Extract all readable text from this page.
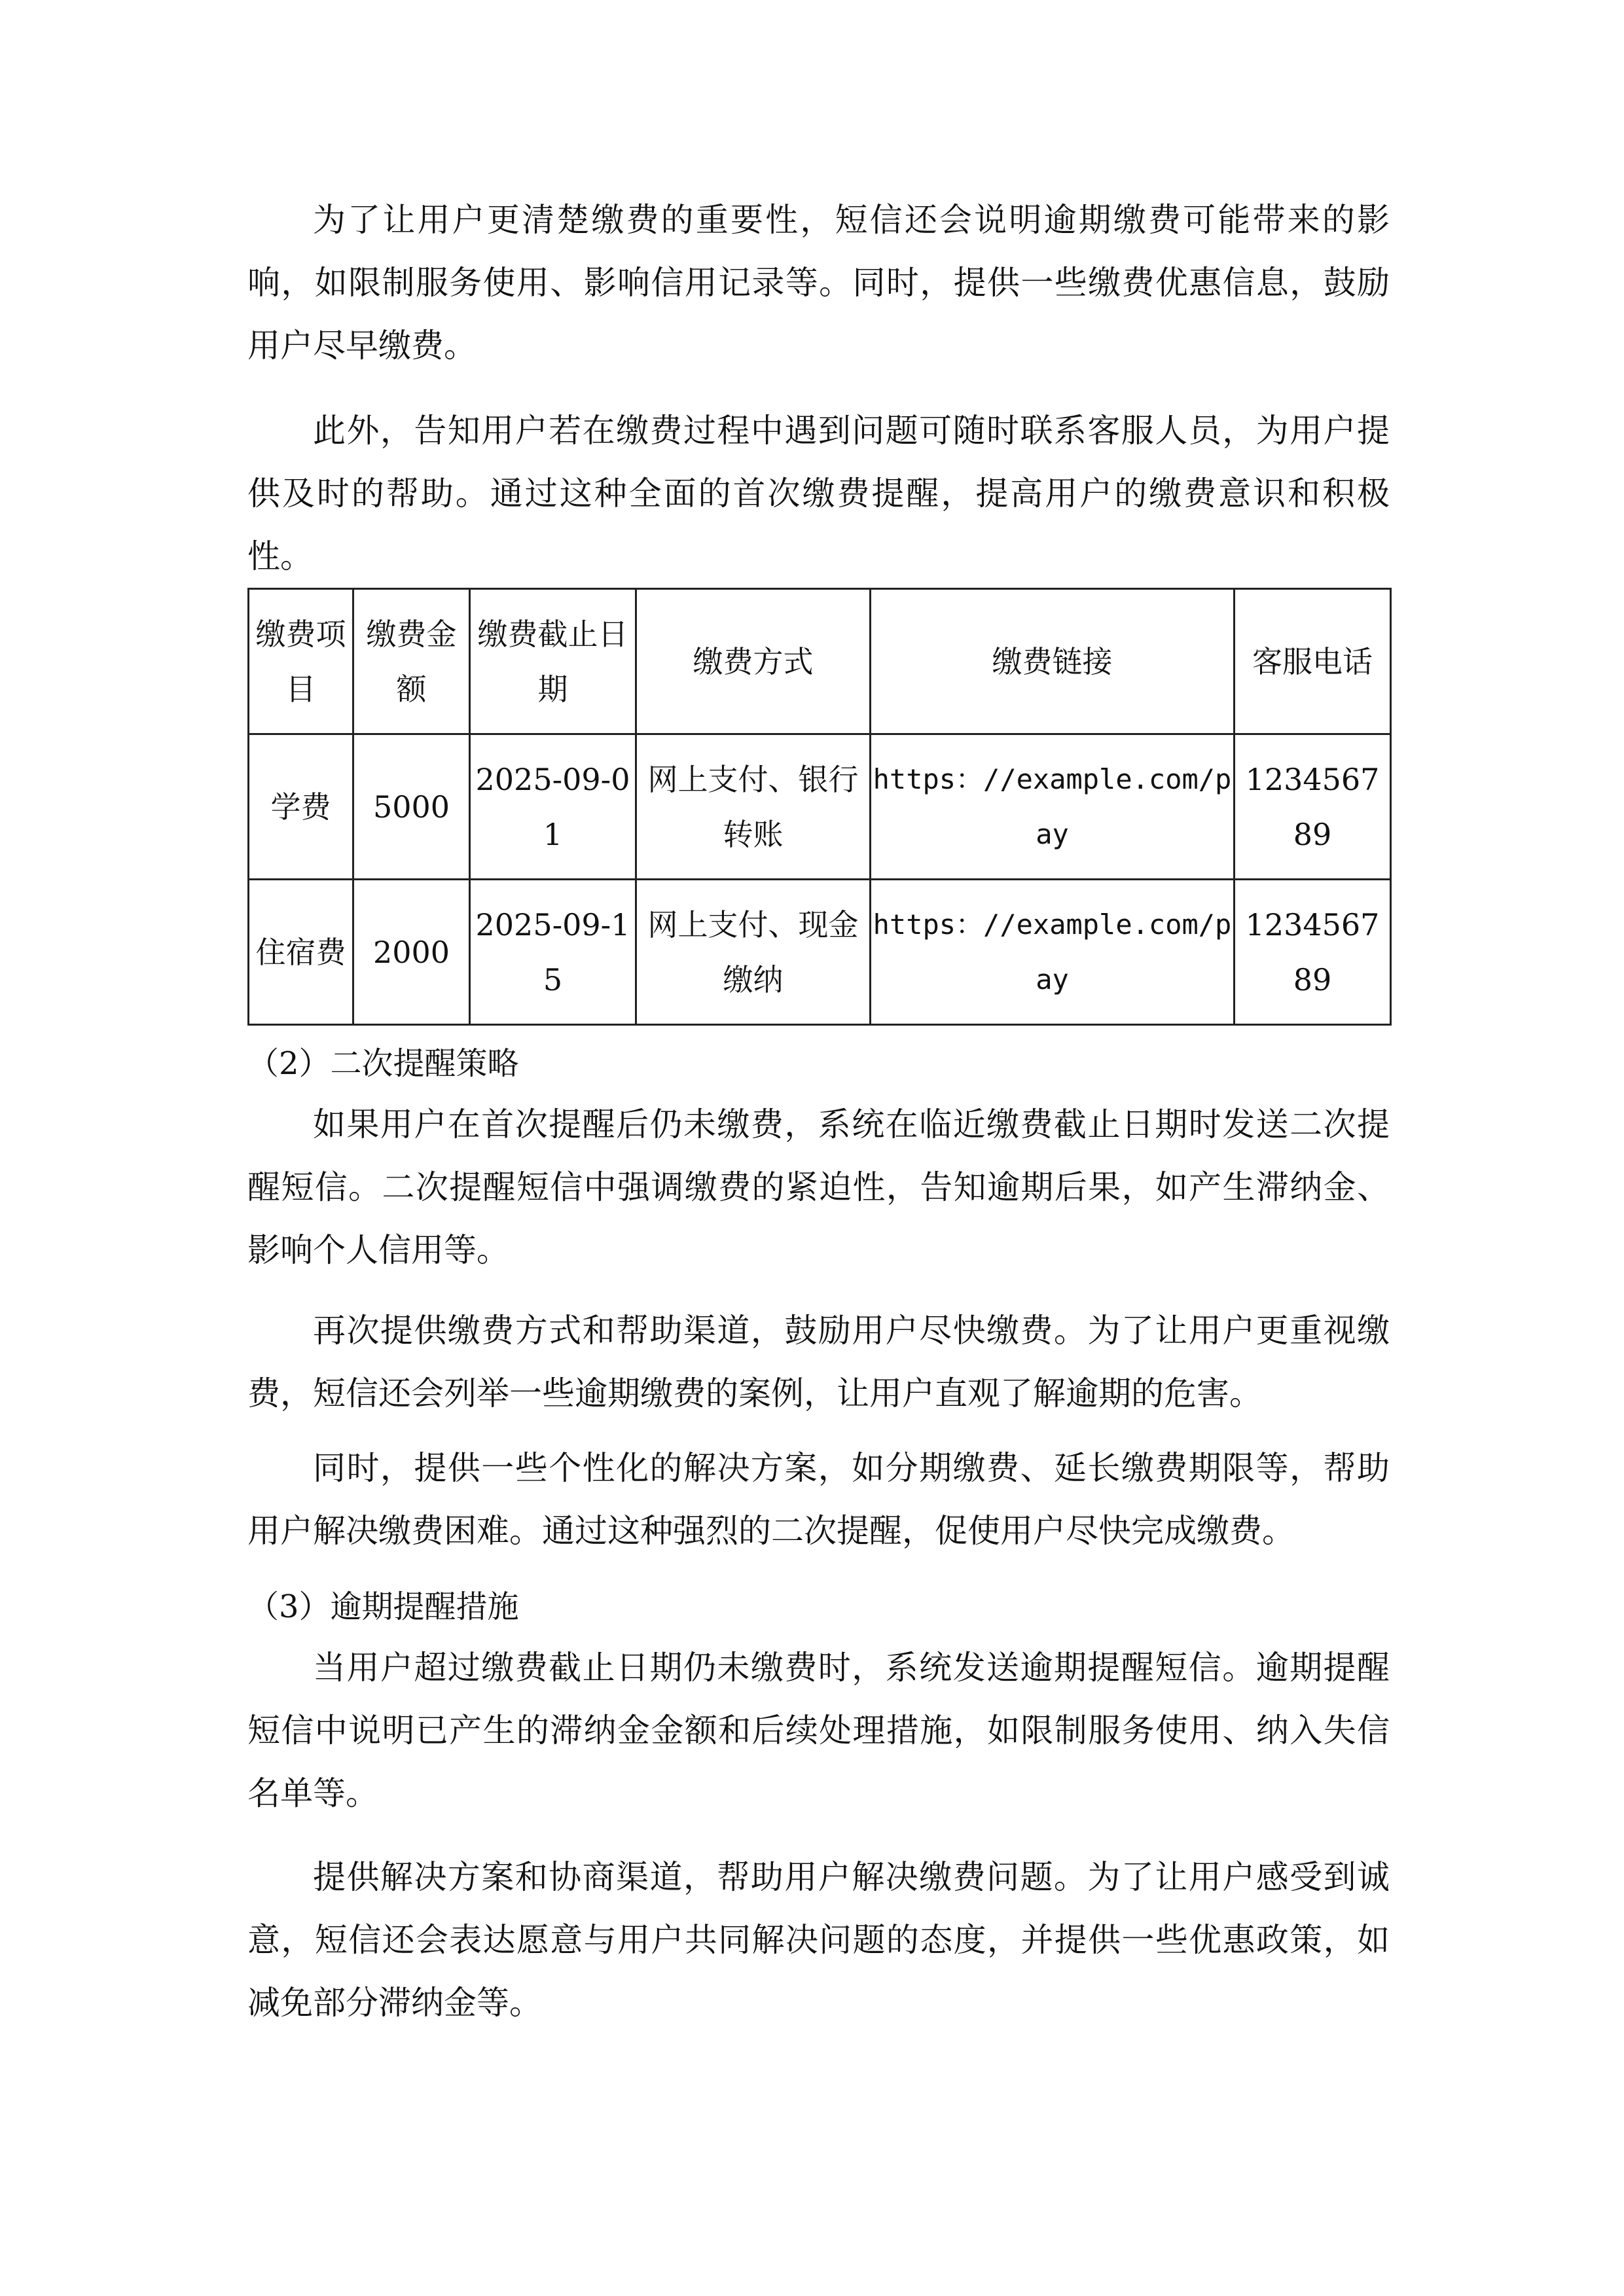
为了让用户更清楚缴费的重要性，短信还会说明逾期缴费可能带来的影响，如限制服务使用、影响信用记录等。同时，提供一些缴费优惠信息，鼓励用户尽早缴费。

此外，告知用户若在缴费过程中遇到问题可随时联系客服人员，为用户提供及时的帮助。通过这种全面的首次缴费提醒，提高用户的缴费意识和积极性。

缴费项目	缴费金额	缴费截止日期	缴费方式	缴费链接	客服电话
学费	5000	2025-09-01	网上支付、银行转账	https：//example.com/pay	123456789
住宿费	2000	2025-09-15	网上支付、现金缴纳	https：//example.com/pay	123456789

（2）二次提醒策略

如果用户在首次提醒后仍未缴费，系统在临近缴费截止日期时发送二次提醒短信。二次提醒短信中强调缴费的紧迫性，告知逾期后果，如产生滞纳金、影响个人信用等。

再次提供缴费方式和帮助渠道，鼓励用户尽快缴费。为了让用户更重视缴费，短信还会列举一些逾期缴费的案例，让用户直观了解逾期的危害。

同时，提供一些个性化的解决方案，如分期缴费、延长缴费期限等，帮助用户解决缴费困难。通过这种强烈的二次提醒，促使用户尽快完成缴费。

（3）逾期提醒措施

当用户超过缴费截止日期仍未缴费时，系统发送逾期提醒短信。逾期提醒短信中说明已产生的滞纳金金额和后续处理措施，如限制服务使用、纳入失信名单等。

提供解决方案和协商渠道，帮助用户解决缴费问题。为了让用户感受到诚意，短信还会表达愿意与用户共同解决问题的态度，并提供一些优惠政策，如减免部分滞纳金等。
